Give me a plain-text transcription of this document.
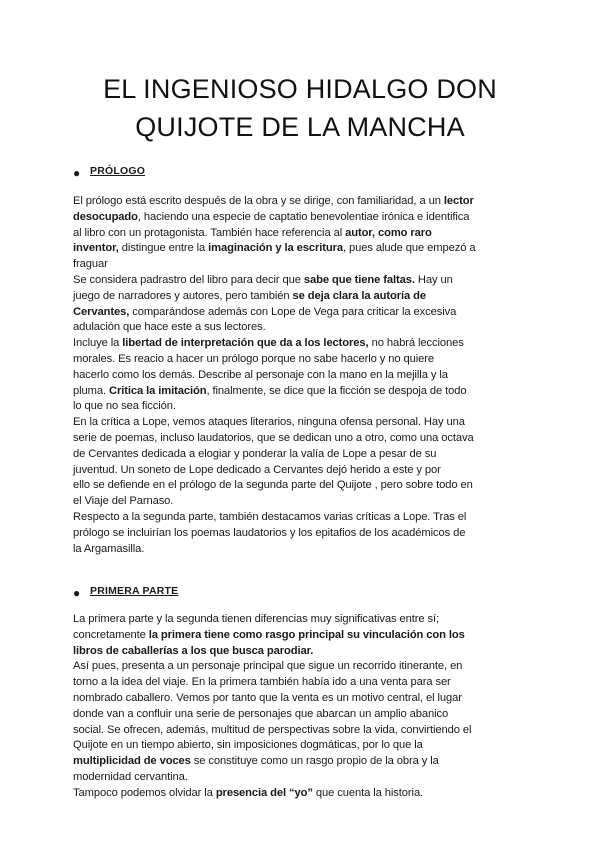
EL INGENIOSO HIDALGO DON
QUIJOTE DE LA MANCHA
● PRÓLOGO
El prólogo está escrito después de la obra y se dirige, con familiaridad, a un lector
desocupado, haciendo una especie de captatio benevolentiae irónica e identifica
al libro con un protagonista. También hace referencia al autor, como raro
inventor, distingue entre la imaginación y la escritura, pues alude que empezó a
fraguar
Se considera padrastro del libro para decir que sabe que tiene faltas. Hay un
juego de narradores y autores, pero también se deja clara la autoría de
Cervantes, comparándose además con Lope de Vega para criticar la excesiva
adulación que hace este a sus lectores.
Incluye la libertad de interpretación que da a los lectores, no habrá lecciones
morales. Es reacio a hacer un prólogo porque no sabe hacerlo y no quiere
hacerlo como los demás. Describe al personaje con la mano en la mejilla y la
pluma. Critica la imitación, finalmente, se dice que la ficción se despoja de todo
lo que no sea ficción.
En la crítica a Lope, vemos ataques literarios, ninguna ofensa personal. Hay una
serie de poemas, incluso laudatorios, que se dedican uno a otro, como una octava
de Cervantes dedicada a elogiar y ponderar la valía de Lope a pesar de su
juventud. Un soneto de Lope dedicado a Cervantes dejó herido a este y por
ello se defiende en el prólogo de la segunda parte del Quijote , pero sobre todo en
el Viaje del Parnaso.
Respecto a la segunda parte, también destacamos varias críticas a Lope. Tras el
prólogo se incluirían los poemas laudatorios y los epitafios de los académicos de
la Argamasilla.
● PRIMERA PARTE
La primera parte y la segunda tienen diferencias muy significativas entre sí;
concretamente la primera tiene como rasgo principal su vinculación con los
libros de caballerías a los que busca parodiar.
Así pues, presenta a un personaje principal que sigue un recorrido itinerante, en
torno a la idea del viaje. En la primera también había ido a una venta para ser
nombrado caballero. Vemos por tanto que la venta es un motivo central, el lugar
donde van a confluir una serie de personajes que abarcan un amplio abanico
social. Se ofrecen, además, multitud de perspectivas sobre la vida, convirtiendo el
Quijote en un tiempo abierto, sin imposiciones dogmáticas, por lo que la
multiplicidad de voces se constituye como un rasgo propio de la obra y la
modernidad cervantina.
Tampoco podemos olvidar la presencia del “yo” que cuenta la historia.
